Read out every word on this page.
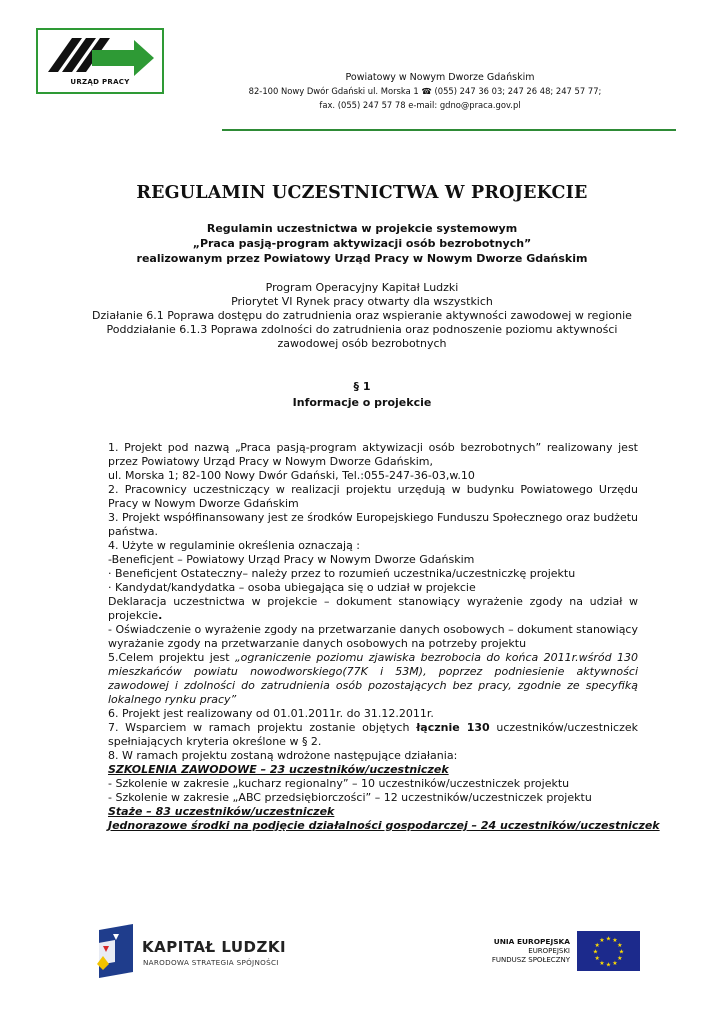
URZĄD PRACY	Powiatowy w Nowym Dworze Gdańskim
82-100 Nowy Dwór Gdański ul. Morska 1 ☎ (055) 247 36 03; 247 26 48; 247 57 77;
fax. (055) 247 57 78 e-mail: gdno@praca.gov.pl
REGULAMIN UCZESTNICTWA W PROJEKCIE
Regulamin uczestnictwa w projekcie systemowym
„Praca pasją-program aktywizacji osób bezrobotnych”
realizowanym przez Powiatowy Urząd Pracy w Nowym Dworze Gdańskim
Program Operacyjny Kapitał Ludzki
Priorytet VI Rynek pracy otwarty dla wszystkich
Działanie 6.1 Poprawa dostępu do zatrudnienia oraz wspieranie aktywności zawodowej w regionie
Poddziałanie 6.1.3 Poprawa zdolności do zatrudnienia oraz podnoszenie poziomu aktywności
zawodowej osób bezrobotnych
§ 1
Informacje o projekcie
1. Projekt pod nazwą „Praca pasją-program aktywizacji osób bezrobotnych” realizowany jest
przez Powiatowy Urząd Pracy w Nowym Dworze Gdańskim,
ul. Morska 1; 82-100 Nowy Dwór Gdański, Tel.:055-247-36-03,w.10
2. Pracownicy uczestniczący w realizacji projektu urzędują w budynku Powiatowego Urzędu
Pracy w Nowym Dworze Gdańskim
3. Projekt współfinansowany jest ze środków Europejskiego Funduszu Społecznego oraz budżetu
państwa.
4. Użyte w regulaminie określenia oznaczają :
-Beneficjent – Powiatowy Urząd Pracy w Nowym Dworze Gdańskim
· Beneficjent Ostateczny– należy przez to rozumień uczestnika/uczestniczkę projektu
· Kandydat/kandydatka – osoba ubiegająca się o udział w projekcie
Deklaracja uczestnictwa w projekcie – dokument stanowiący wyrażenie zgody na udział w
projekcie.
- Oświadczenie o wyrażenie zgody na przetwarzanie danych osobowych – dokument stanowiący
wyrażanie zgody na przetwarzanie danych osobowych na potrzeby projektu
5.Celem projektu jest „ograniczenie poziomu zjawiska bezrobocia do końca 2011r.wśród 130
mieszkańców powiatu nowodworskiego(77K i 53M), poprzez podniesienie aktywności
zawodowej i zdolności do zatrudnienia osób pozostających bez pracy, zgodnie ze specyfiką
lokalnego rynku pracy”
6. Projekt jest realizowany od 01.01.2011r. do 31.12.2011r.
7. Wsparciem w ramach projektu zostanie objętych łącznie 130 uczestników/uczestniczek
spełniających kryteria określone w § 2.
8. W ramach projektu zostaną wdrożone następujące działania:
SZKOLENIA ZAWODOWE – 23 uczestników/uczestniczek
- Szkolenie w zakresie „kucharz regionalny” – 10 uczestników/uczestniczek projektu
- Szkolenie w zakresie „ABC przedsiębiorczości” – 12 uczestników/uczestniczek projektu
Staże – 83 uczestników/uczestniczek
Jednorazowe środki na podjęcie działalności gospodarczej – 24 uczestników/uczestniczek
KAPITAŁ LUDZKI
NARODOWA STRATEGIA SPÓJNOŚCI
UNIA EUROPEJSKA
EUROPEJSKI
FUNDUSZ SPOŁECZNY
★
★
★
★
★
★
★
★
★ ★ ★
★
